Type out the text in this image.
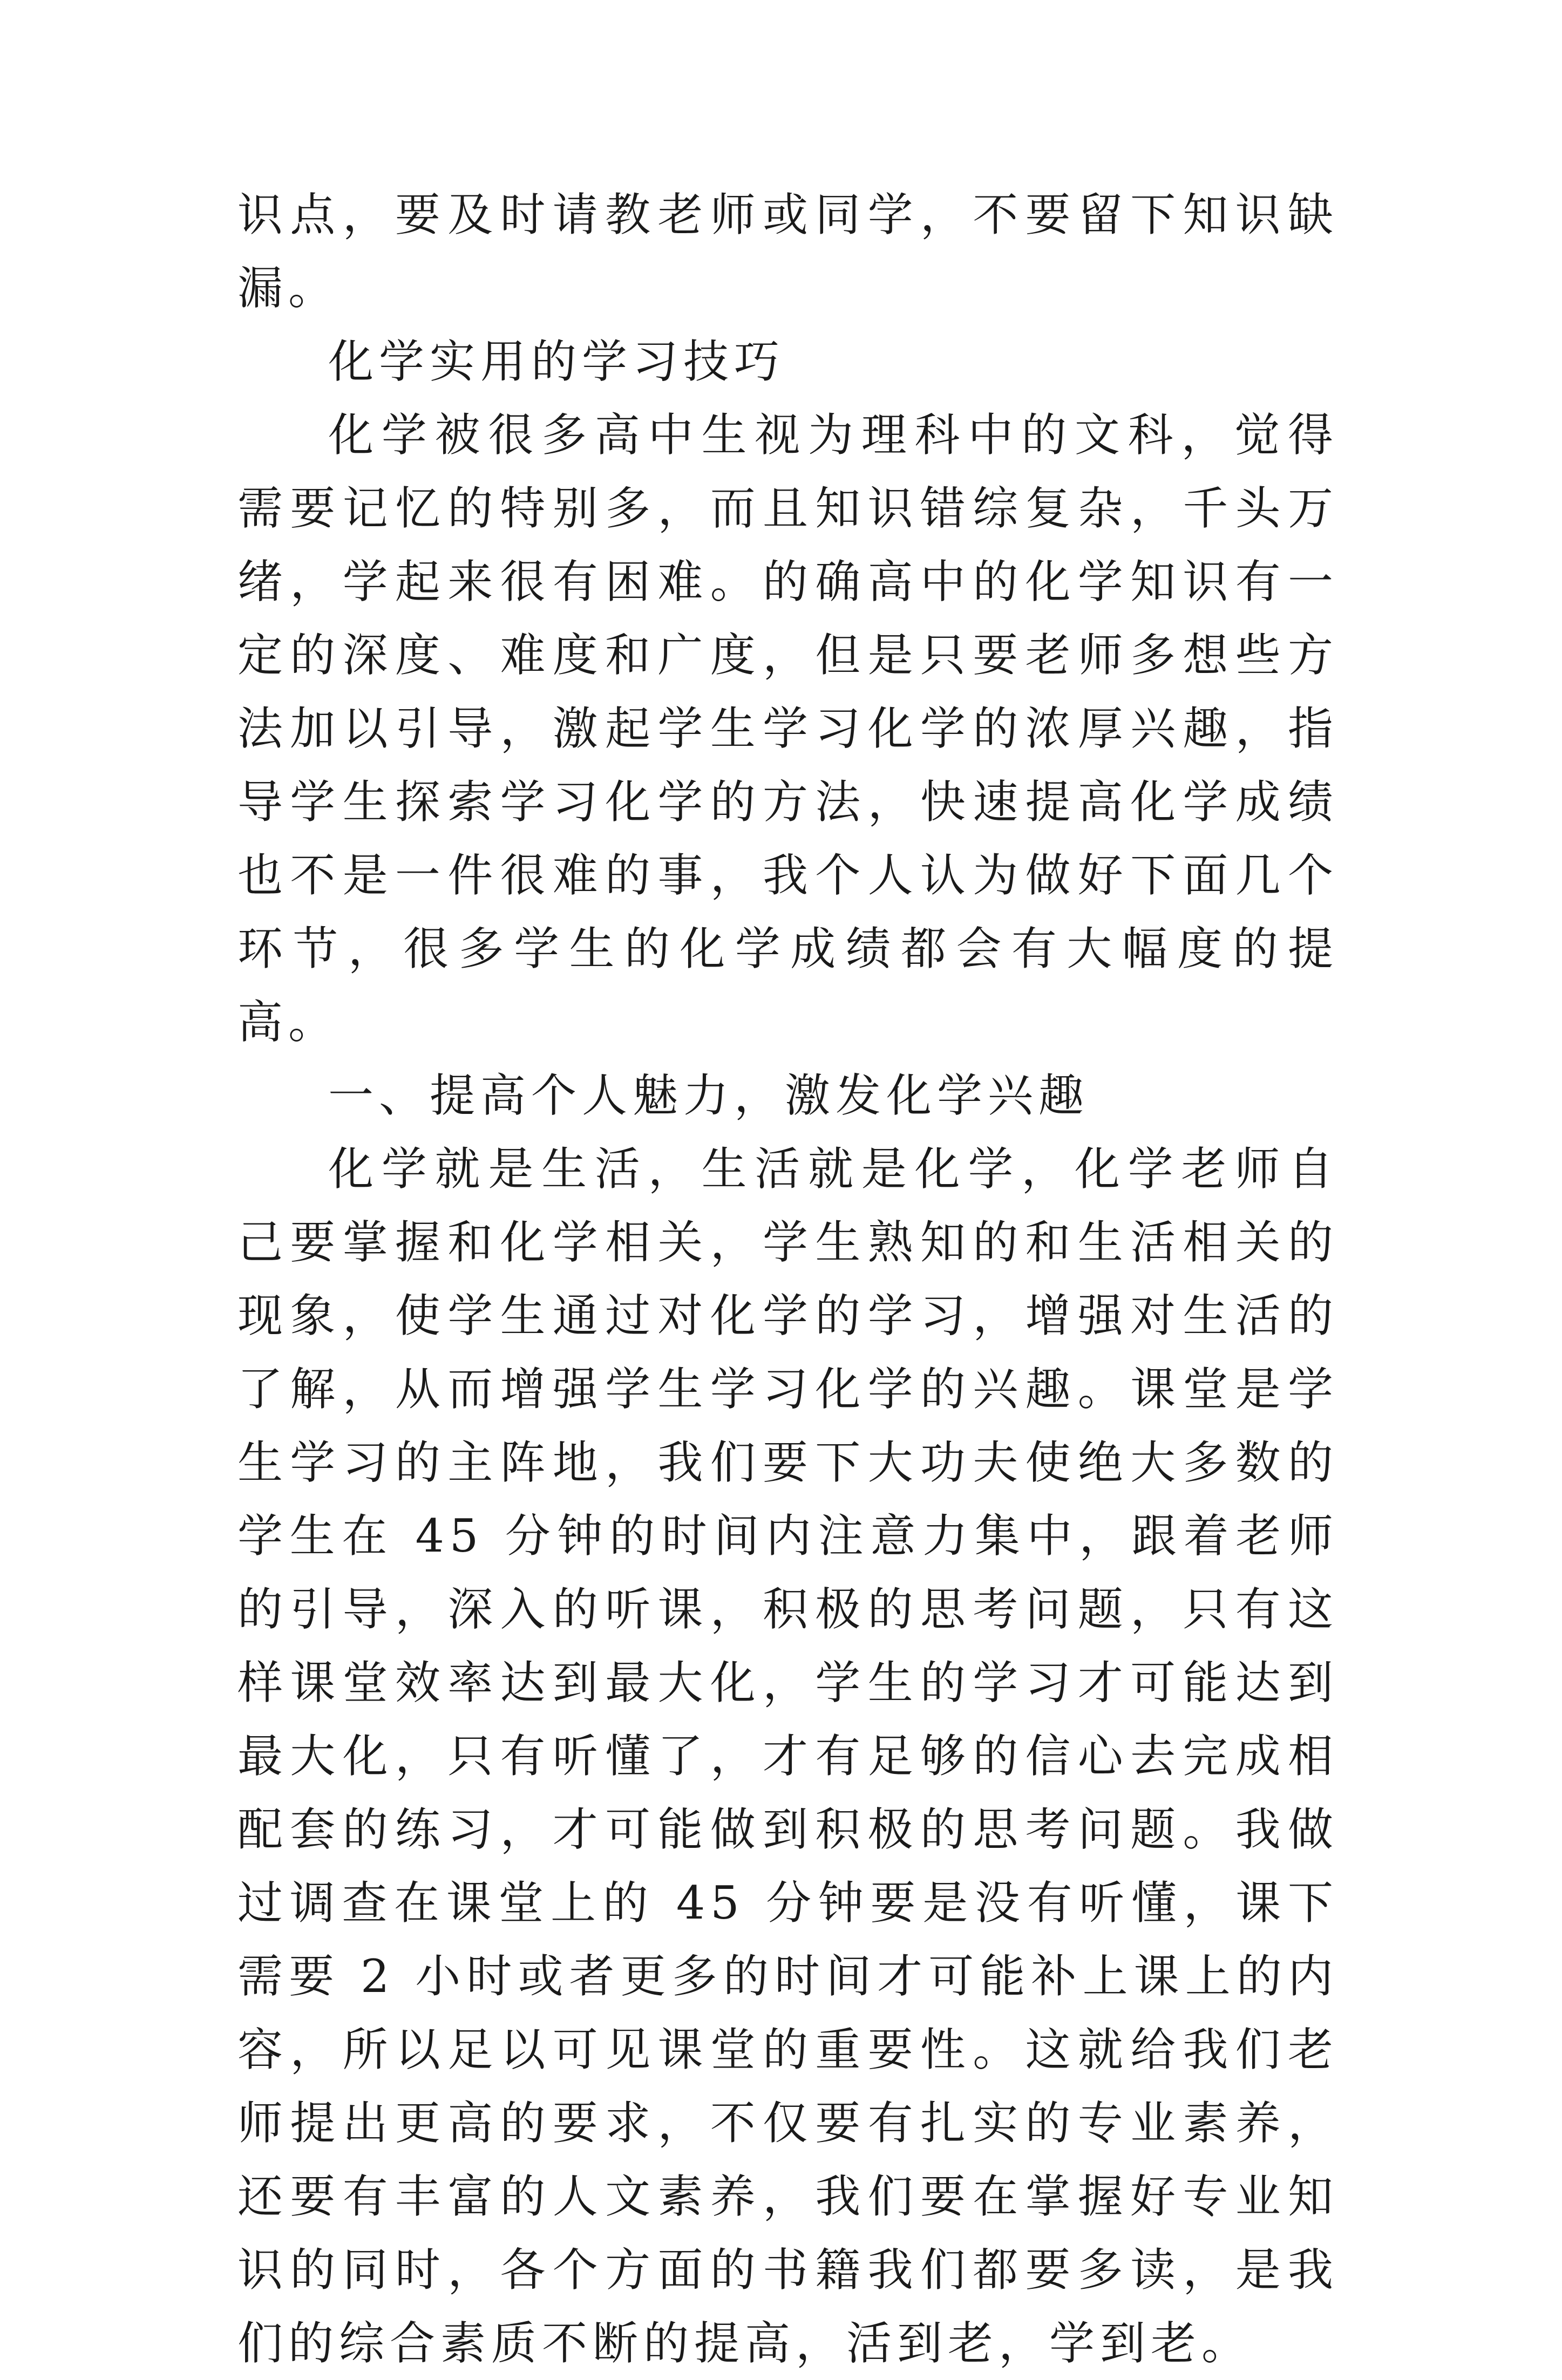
识点，要及时请教老师或同学，不要留下知识缺漏。

化学实用的学习技巧

化学被很多高中生视为理科中的文科，觉得需要记忆的特别多，而且知识错综复杂，千头万绪，学起来很有困难。的确高中的化学知识有一定的深度、难度和广度，但是只要老师多想些方法加以引导，激起学生学习化学的浓厚兴趣，指导学生探索学习化学的方法，快速提高化学成绩也不是一件很难的事，我个人认为做好下面几个环节，很多学生的化学成绩都会有大幅度的提高。

一、提高个人魅力，激发化学兴趣

化学就是生活，生活就是化学，化学老师自己要掌握和化学相关，学生熟知的和生活相关的现象，使学生通过对化学的学习，增强对生活的了解，从而增强学生学习化学的兴趣。课堂是学生学习的主阵地，我们要下大功夫使绝大多数的学生在 45 分钟的时间内注意力集中，跟着老师的引导，深入的听课，积极的思考问题，只有这样课堂效率达到最大化，学生的学习才可能达到最大化，只有听懂了，才有足够的信心去完成相配套的练习，才可能做到积极的思考问题。我做过调查在课堂上的 45 分钟要是没有听懂，课下需要 2 小时或者更多的时间才可能补上课上的内容，所以足以可见课堂的重要性。这就给我们老师提出更高的要求，不仅要有扎实的专业素养，还要有丰富的人文素养，我们要在掌握好专业知识的同时，各个方面的书籍我们都要多读，是我们的综合素质不断的提高，活到老，学到老。
